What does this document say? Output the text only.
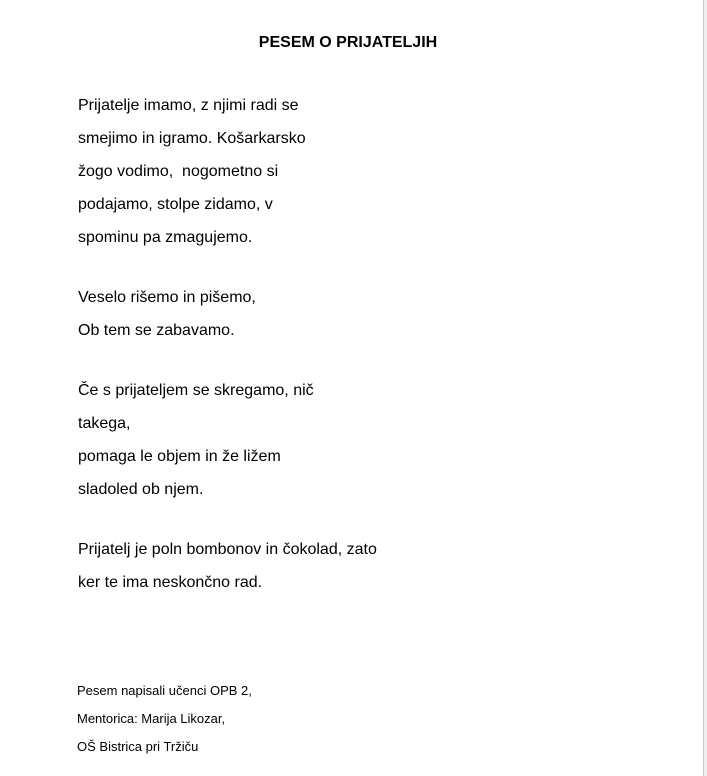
PESEM O PRIJATELJIH
Prijatelje imamo, z njimi radi se
smejimo in igramo. Košarkarsko
žogo vodimo,  nogometno si
podajamo, stolpe zidamo, v
spominu pa zmagujemo.
Veselo rišemo in pišemo,
Ob tem se zabavamo.
Če s prijateljem se skregamo, nič
takega,
pomaga le objem in že ližem
sladoled ob njem.
Prijatelj je poln bombonov in čokolad, zato
ker te ima neskončno rad.
Pesem napisali učenci OPB 2,
Mentorica: Marija Likozar,
OŠ Bistrica pri Tržiču
